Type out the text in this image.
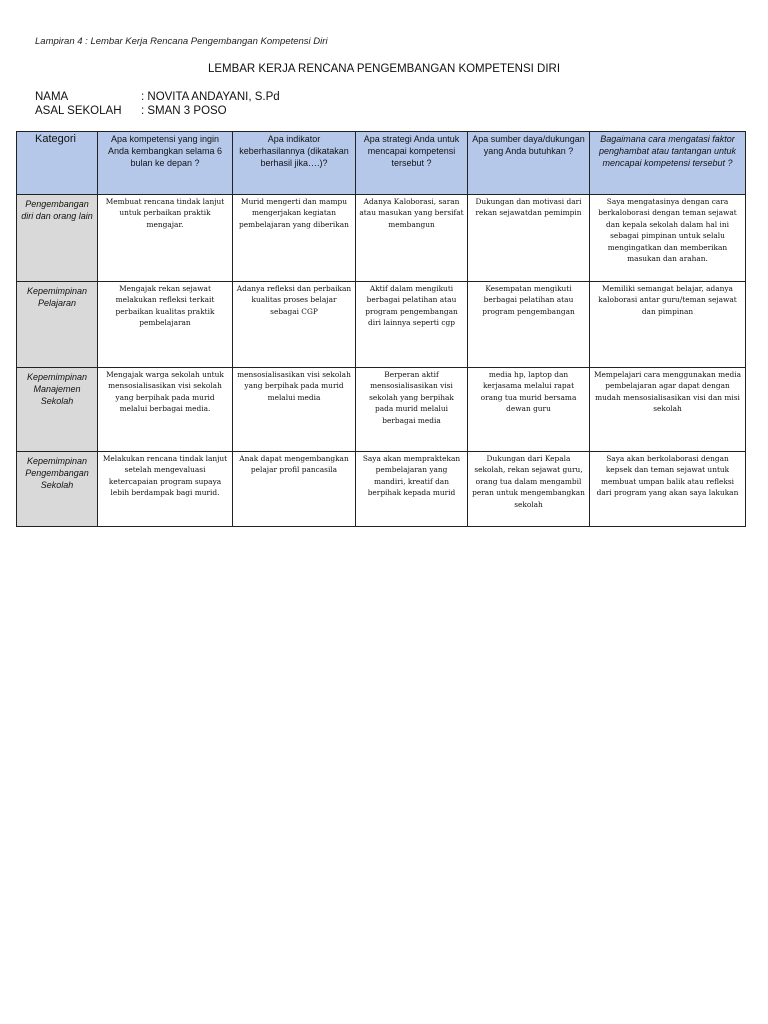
Lampiran 4 : Lembar Kerja Rencana Pengembangan Kompetensi Diri
LEMBAR KERJA RENCANA PENGEMBANGAN KOMPETENSI DIRI
NAMA	: NOVITA ANDAYANI, S.Pd
ASAL SEKOLAH : SMAN 3 POSO
Kategori	Apa kompetensi yang ingin Anda kembangkan selama 6 bulan ke depan ?	Apa indikator keberhasilannya (dikatakan berhasil jika….)?	Apa strategi Anda untuk mencapai kompetensi tersebut ?	Apa sumber daya/dukungan yang Anda butuhkan ?	Bagaimana cara mengatasi faktor penghambat atau tantangan untuk mencapai kompetensi tersebut ?
Pengembangan diri dan orang lain	Membuat rencana tindak lanjut untuk perbaikan praktik mengajar.	Murid mengerti dan mampu mengerjakan kegiatan pembelajaran yang diberikan	Adanya Kaloborasi, saran atau masukan yang bersifat membangun	Dukungan dan motivasi dari rekan sejawatdan pemimpin	Saya mengatasinya dengan cara berkaloborasi dengan teman sejawat dan kepala sekolah dalam hal ini sebagai pimpinan untuk selalu mengingatkan dan memberikan masukan dan arahan.
Kepemimpinan Pelajaran	Mengajak rekan sejawat melakukan refleksi terkait perbaikan kualitas praktik pembelajaran	Adanya refleksi dan perbaikan kualitas proses belajar sebagai CGP	Aktif dalam mengikuti berbagai pelatihan atau program pengembangan diri lainnya seperti cgp	Kesempatan mengikuti berbagai pelatihan atau program pengembangan	Memiliki semangat belajar, adanya kaloborasi antar guru/teman sejawat dan pimpinan
Kepemimpinan Manajemen Sekolah	Mengajak warga sekolah untuk mensosialisasikan visi sekolah yang berpihak pada murid melalui berbagai media.	mensosialisasikan visi sekolah yang berpihak pada murid melalui media	Berperan aktif mensosialisasikan visi sekolah yang berpihak pada murid melalui berbagai media	media hp, laptop dan kerjasama melalui rapat orang tua murid bersama dewan guru	Mempelajari cara menggunakan media pembelajaran agar dapat dengan mudah mensosialisasikan visi dan misi sekolah
Kepemimpinan Pengembangan Sekolah	Melakukan rencana tindak lanjut setelah mengevaluasi ketercapaian program supaya lebih berdampak bagi murid.	Anak dapat mengembangkan pelajar profil pancasila	Saya akan mempraktekan pembelajaran yang mandiri, kreatif dan berpihak kepada murid	Dukungan dari Kepala sekolah, rekan sejawat guru, orang tua dalam mengambil peran untuk mengembangkan sekolah	Saya akan berkolaborasi dengan kepsek dan teman sejawat untuk membuat umpan balik atau refleksi dari program yang akan saya lakukan
